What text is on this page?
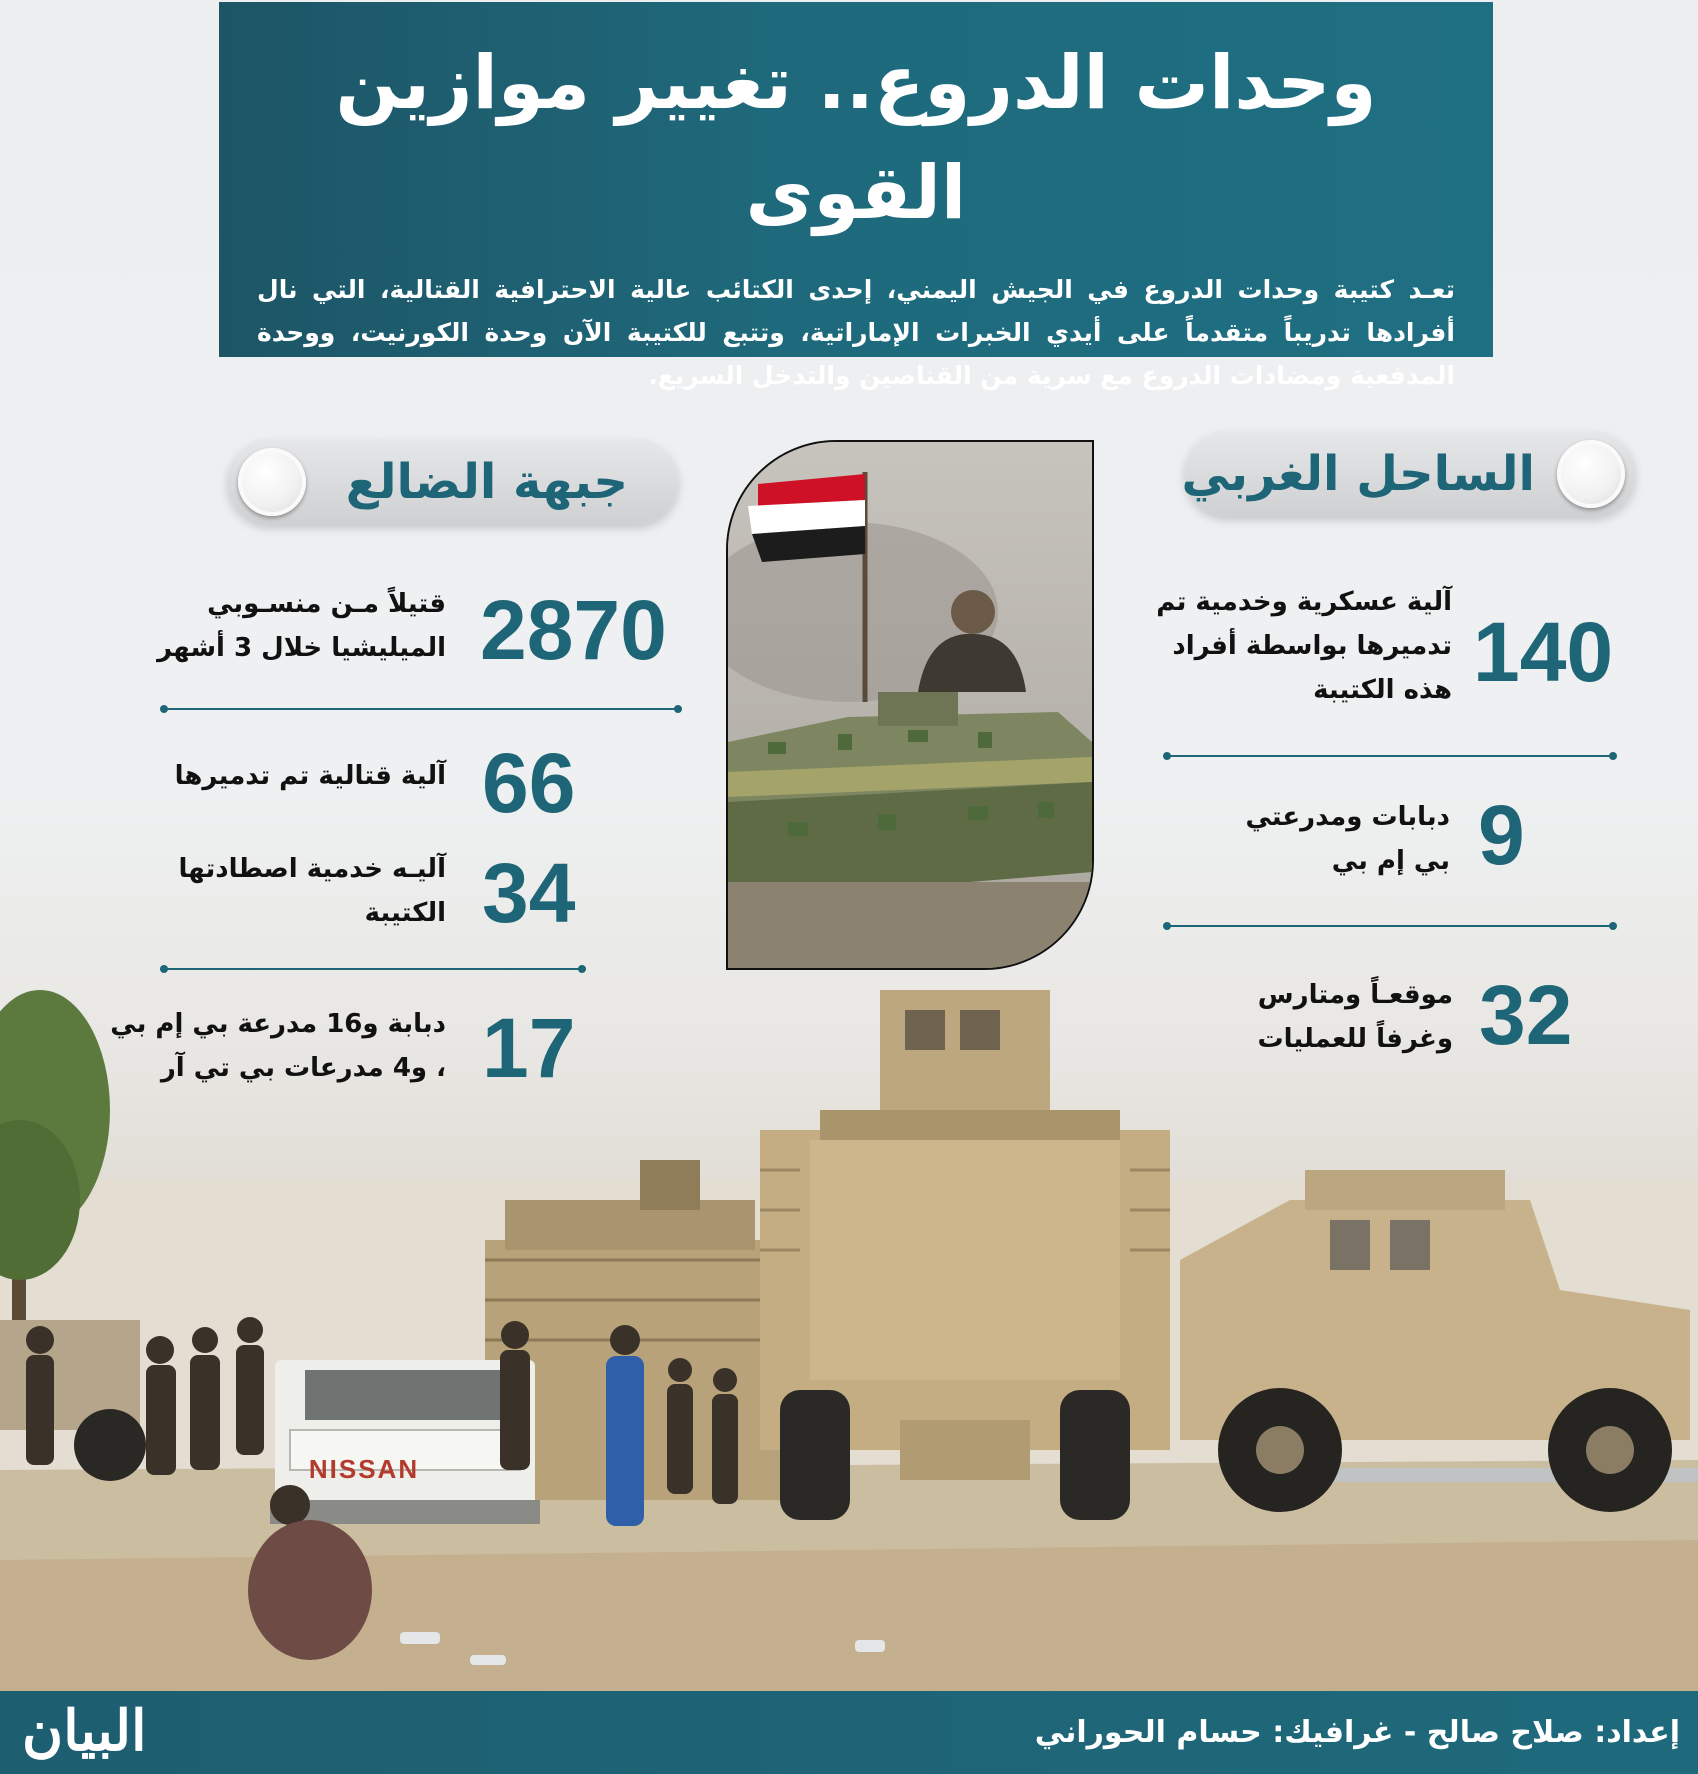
NISSAN
وحدات الدروع.. تغيير موازين القوى

تعـد كتيبة وحدات الدروع في الجيش اليمني، إحدى الكتائب عالية الاحترافية القتالية، التي نال أفرادها تدريباً متقدماً على أيدي الخبرات الإماراتية، وتتبع للكتيبة الآن وحدة الكورنيت، ووحدة المدفعية ومضادات الدروع مع سرية من القناصين والتدخل السريع.

الساحل الغربي
جبهة الضالع
140
آلية عسكرية وخدمية تم تدميرها بواسطة أفراد هذه الكتيبة
9
دبابات ومدرعتي بي إم بي
32
موقعـاً ومتارس وغرفاً للعمليات
2870
قتيلاً مـن منسـوبي الميليشيا خلال 3 أشهر
66
آلية قتالية تم تدميرها
34
آليـه خدمية اصطادتها الكتيبة
17
دبابة و16 مدرعة بي إم بي ، و4 مدرعات بي تي آر
إعداد: صلاح صالح - غرافيك: حسام الحوراني
البيان
